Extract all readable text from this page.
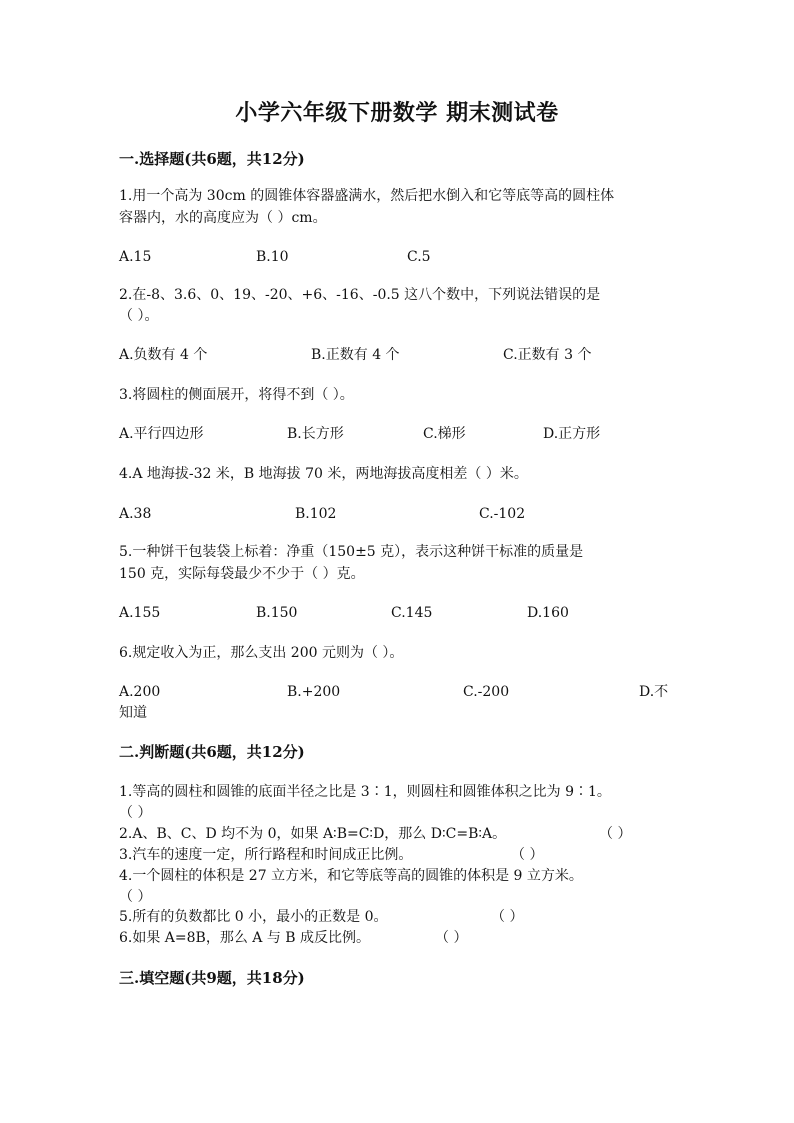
小学六年级下册数学 期末测试卷
一.选择题(共6题，共12分)
1.用一个高为 30cm 的圆锥体容器盛满水，然后把水倒入和它等底等高的圆柱体
容器内，水的高度应为（ ）cm。
A.15	B.10	C.5
2.在-8、3.6、0、19、-20、+6、-16、-0.5 这八个数中，下列说法错误的是
（ ）。
A.负数有 4 个	B.正数有 4 个	C.正数有 3 个
3.将圆柱的侧面展开，将得不到（ ）。
A.平行四边形	B.长方形	C.梯形	D.正方形
4.A 地海拔-32 米，B 地海拔 70 米，两地海拔高度相差（ ）米。
A.38	B.102	C.-102
5.一种饼干包装袋上标着：净重（150±5 克），表示这种饼干标准的质量是
150 克，实际每袋最少不少于（ ）克。
A.155	B.150	C.145	D.160
6.规定收入为正，那么支出 200 元则为（ ）。
A.200	B.+200	C.-200	D.不
知道
二.判断题(共6题，共12分)
1.等高的圆柱和圆锥的底面半径之比是 3∶1，则圆柱和圆锥体积之比为 9∶1。
（ ）
2.A、B、C、D 均不为 0，如果 A∶B=C∶D，那么 D∶C=B∶A。	（ ）
3.汽车的速度一定，所行路程和时间成正比例。	（ ）
4.一个圆柱的体积是 27 立方米，和它等底等高的圆锥的体积是 9 立方米。
（ ）
5.所有的负数都比 0 小，最小的正数是 0。	（ ）
6.如果 A=8B，那么 A 与 B 成反比例。	（ ）
三.填空题(共9题，共18分)
